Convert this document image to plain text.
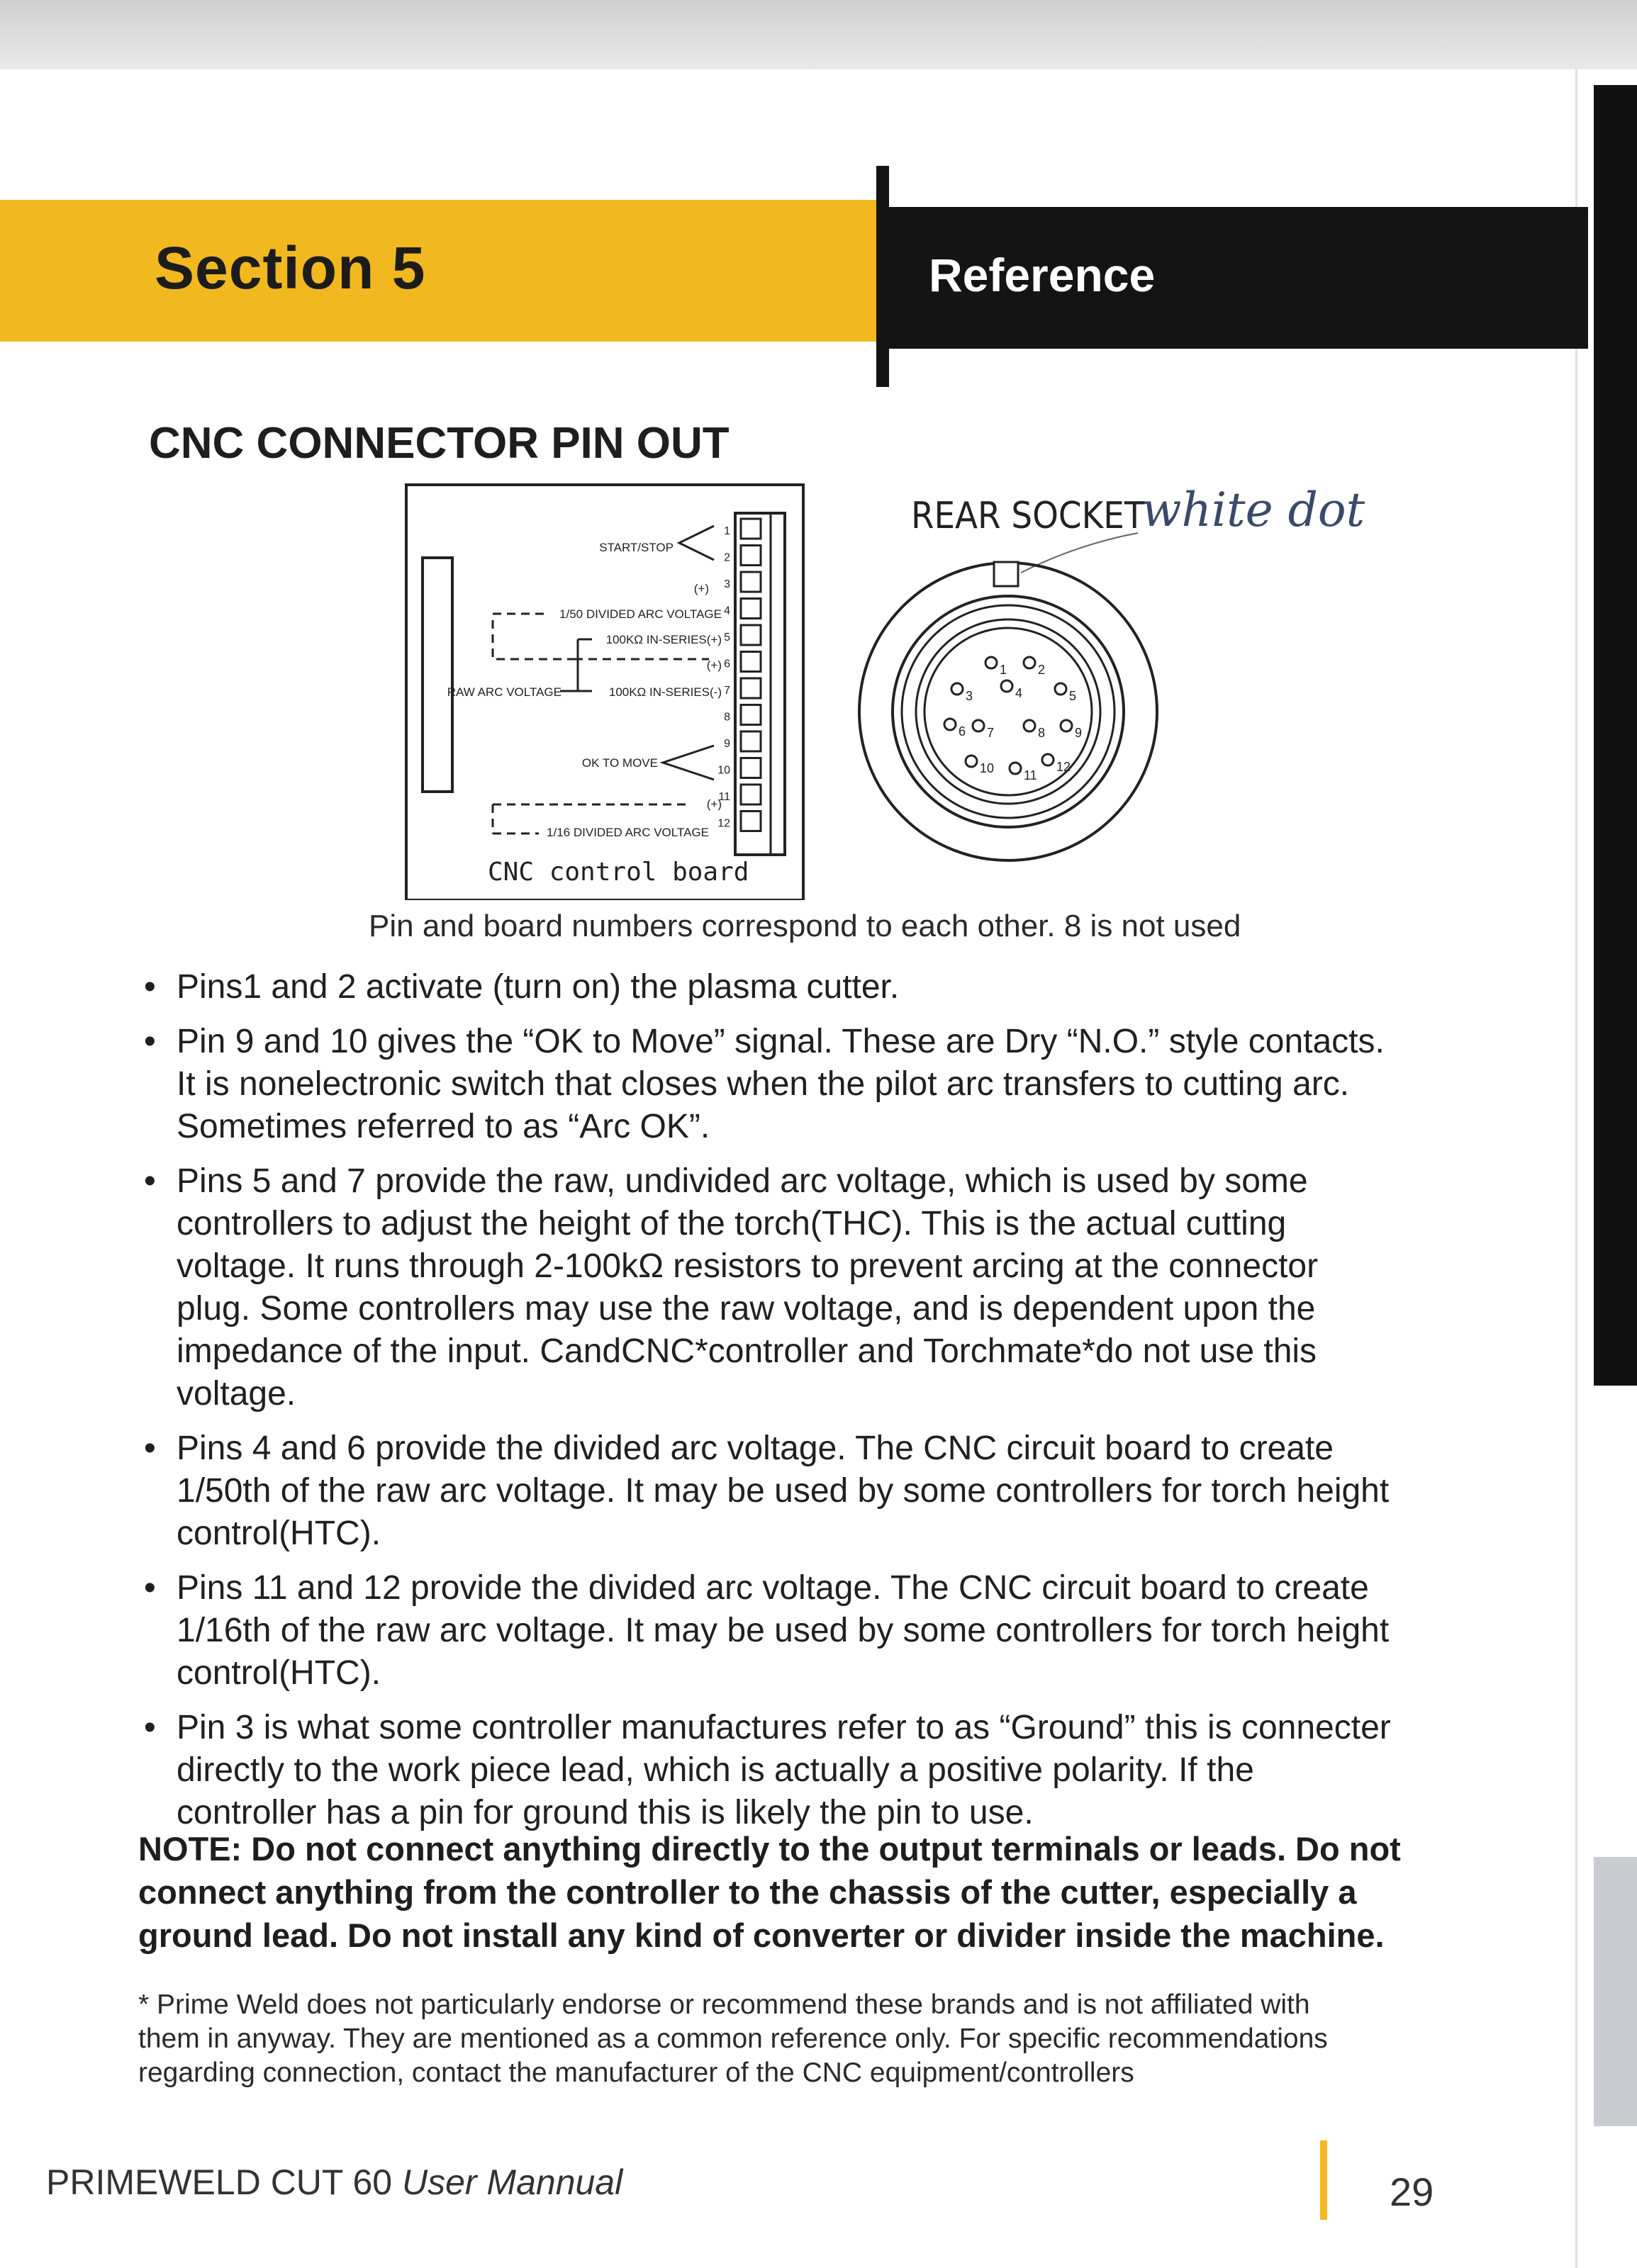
Section 5	Reference
CNC CONNECTOR PIN OUT
START/STOP
(+)
1/50 DIVIDED ARC VOLTAGE
100KΩ IN-SERIES(+)
(+)
RAW ARC VOLTAGE	100KΩ IN-SERIES(-)
OK TO MOVE
(+)
1/16 DIVIDED ARC VOLTAGE
1
2
3
4
5
6
7
8
9
10
11
12
CNC control board
REAR SOCKET
white dot
1 2
3	4	5
6 7	8 9
10 11
12
Pin and board numbers correspond to each other. 8 is not used
• Pins1 and 2 activate (turn on) the plasma cutter.
• Pin 9 and 10 gives the “OK to Move” signal. These are Dry “N.O.” style contacts. It is nonelectronic switch that closes when the pilot arc transfers to cutting arc. Sometimes referred to as “Arc OK”.
• Pins 5 and 7 provide the raw, undivided arc voltage, which is used by some controllers to adjust the height of the torch(THC). This is the actual cutting voltage. It runs through 2-100kΩ resistors to prevent arcing at the connector plug. Some controllers may use the raw voltage, and is dependent upon the impedance of the input. CandCNC*controller and Torchmate*do not use this voltage.
• Pins 4 and 6 provide the divided arc voltage. The CNC circuit board to create 1/50th of the raw arc voltage. It may be used by some controllers for torch height control(HTC).
• Pins 11 and 12 provide the divided arc voltage. The CNC circuit board to create 1/16th of the raw arc voltage. It may be used by some controllers for torch height control(HTC).
• Pin 3 is what some controller manufactures refer to as “Ground” this is connecter directly to the work piece lead, which is actually a positive polarity. If the controller has a pin for ground this is likely the pin to use.

NOTE: Do not connect anything directly to the output terminals or leads. Do not connect anything from the controller to the chassis of the cutter, especially a ground lead. Do not install any kind of converter or divider inside the machine.

* Prime Weld does not particularly endorse or recommend these brands and is not affiliated with them in anyway. They are mentioned as a common reference only. For specific recommendations regarding connection, contact the manufacturer of the CNC equipment/controllers

PRIMEWELD CUT 60 User Mannual	29
